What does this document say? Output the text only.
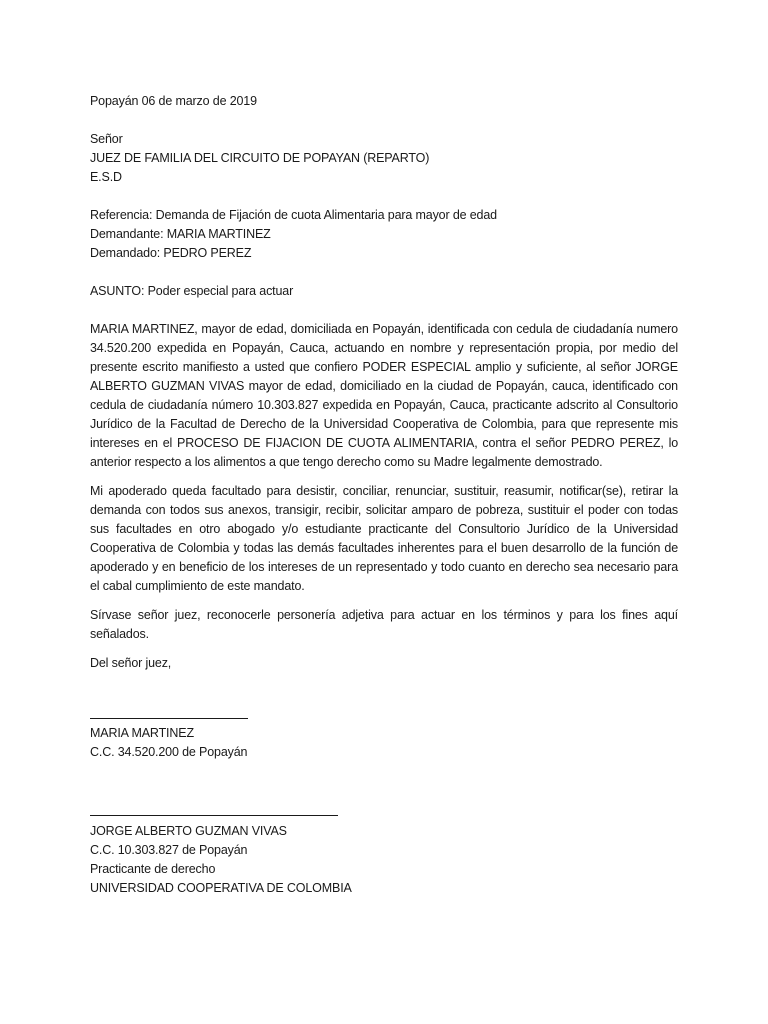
Popayán 06 de marzo de 2019
Señor
JUEZ DE FAMILIA DEL CIRCUITO DE POPAYAN (REPARTO)
E.S.D
Referencia: Demanda de Fijación de cuota Alimentaria para mayor de edad
Demandante: MARIA MARTINEZ
Demandado: PEDRO PEREZ
ASUNTO: Poder especial para actuar

MARIA MARTINEZ, mayor de edad, domiciliada en Popayán, identificada con cedula de ciudadanía numero 34.520.200 expedida en Popayán, Cauca, actuando en nombre y representación propia, por medio del presente escrito manifiesto a usted que confiero PODER ESPECIAL amplio y suficiente, al señor JORGE ALBERTO GUZMAN VIVAS mayor de edad, domiciliado en la ciudad de Popayán, cauca, identificado con cedula de ciudadanía número 10.303.827 expedida en Popayán, Cauca, practicante adscrito al Consultorio Jurídico de la Facultad de Derecho de la Universidad Cooperativa de Colombia, para que represente mis intereses en el PROCESO DE FIJACION DE CUOTA ALIMENTARIA, contra el señor PEDRO PEREZ, lo anterior respecto a los alimentos a que tengo derecho como su Madre legalmente demostrado.

Mi apoderado queda facultado para desistir, conciliar, renunciar, sustituir, reasumir, notificar(se), retirar la demanda con todos sus anexos, transigir, recibir, solicitar amparo de pobreza, sustituir el poder con todas sus facultades en otro abogado y/o estudiante practicante del Consultorio Jurídico de la Universidad Cooperativa de Colombia y todas las demás facultades inherentes para el buen desarrollo de la función de apoderado y en beneficio de los intereses de un representado y todo cuanto en derecho sea necesario para el cabal cumplimiento de este mandato.

Sírvase señor juez, reconocerle personería adjetiva para actuar en los términos y para los fines aquí señalados.

Del señor juez,
MARIA MARTINEZ
C.C. 34.520.200 de Popayán
JORGE ALBERTO GUZMAN VIVAS
C.C. 10.303.827 de Popayán
Practicante de derecho
UNIVERSIDAD COOPERATIVA DE COLOMBIA
